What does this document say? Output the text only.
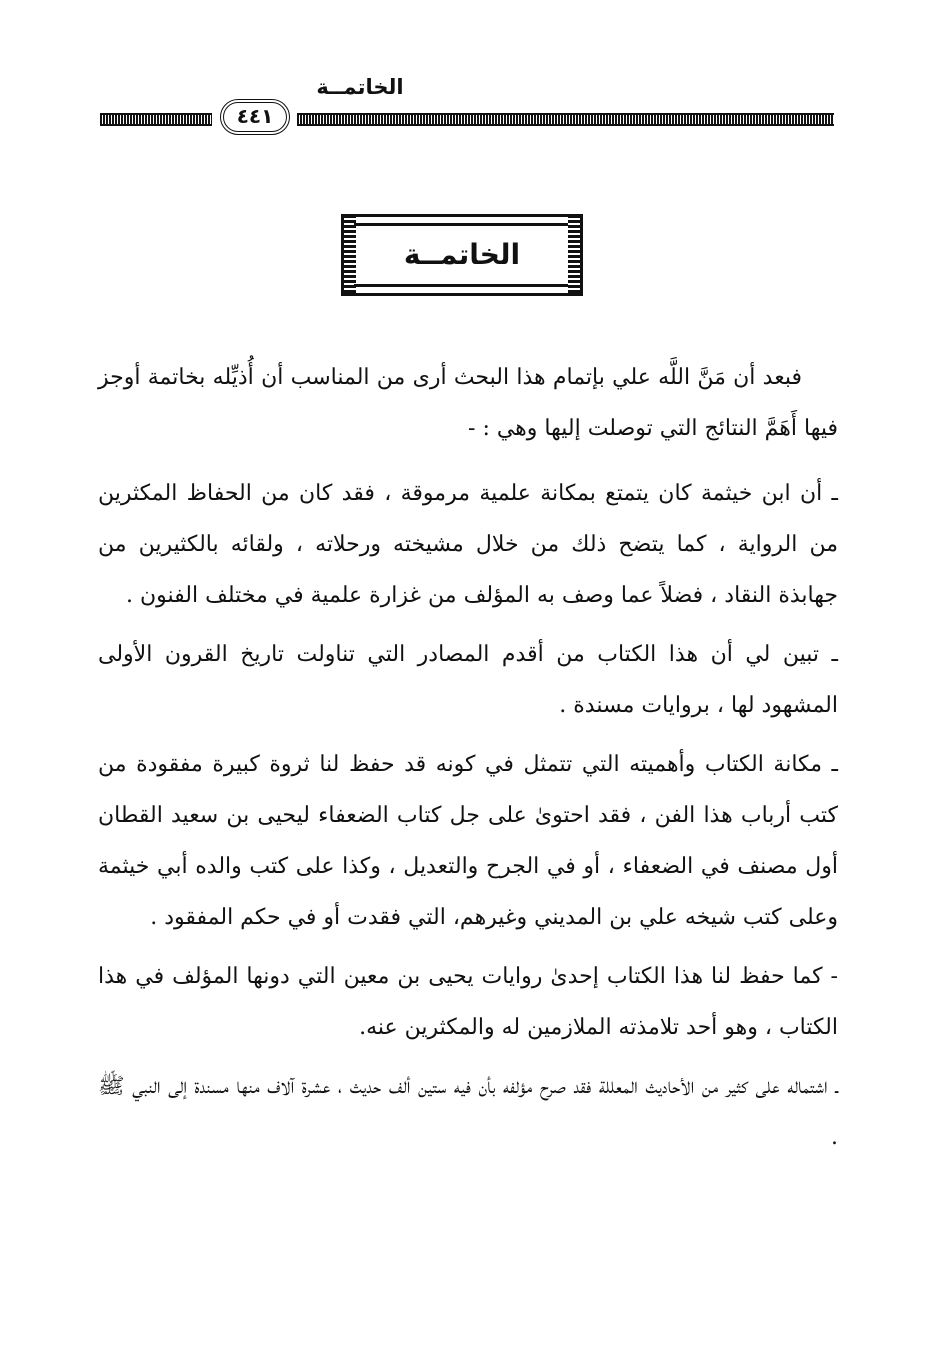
الخاتمــة
٤٤١
الخاتمــة

فبعد أن مَنَّ اللَّه علي بإتمام هذا البحث أرى من المناسب أن أُذيِّله بخاتمة أوجز فيها أَهَمَّ النتائج التي توصلت إليها وهي : -

ـ أن ابن خيثمة كان يتمتع بمكانة علمية مرموقة ، فقد كان من الحفاظ المكثرين من الرواية ، كما يتضح ذلك من خلال مشيخته ورحلاته ، ولقائه بالكثيرين من جهابذة النقاد ، فضلاً عما وصف به المؤلف من غزارة علمية في مختلف الفنون .

ـ تبين لي أن هذا الكتاب من أقدم المصادر التي تناولت تاريخ القرون الأولى المشهود لها ، بروايات مسندة .

ـ مكانة الكتاب وأهميته التي تتمثل في كونه قد حفظ لنا ثروة كبيرة مفقودة من كتب أرباب هذا الفن ، فقد احتوىٰ على جل كتاب الضعفاء ليحيى بن سعيد القطان أول مصنف في الضعفاء ، أو في الجرح والتعديل ، وكذا على كتب والده أبي خيثمة وعلى كتب شيخه علي بن المديني وغيرهم، التي فقدت أو في حكم المفقود .

- كما حفظ لنا هذا الكتاب إحدىٰ روايات يحيى بن معين التي دونها المؤلف في هذا الكتاب ، وهو أحد تلامذته الملازمين له والمكثرين عنه.

ـ اشتماله على كثير من الأحاديث المعللة فقد صرح مؤلفه بأن فيه ستين ألف حديث ، عشرة آلاف منها مسندة إلى النبي ﷺ .
